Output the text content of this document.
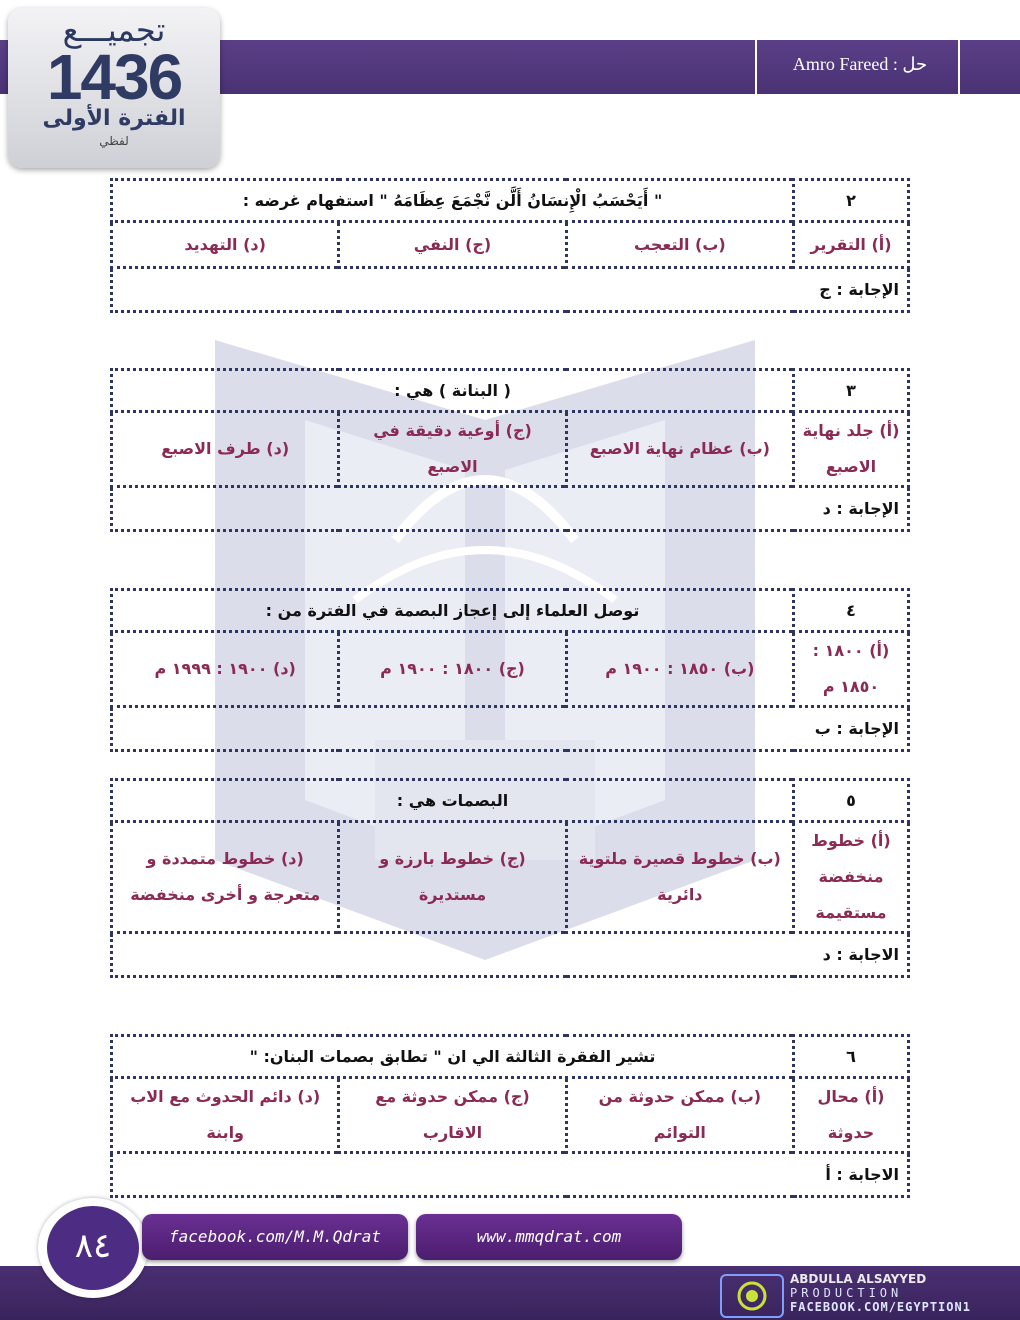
حل : Amro Fareed
تجميـــع
1436
الفترة الأولى
لفظي
٢	" أَيَحْسَبُ الْإِنسَانُ أَلَّن نَّجْمَعَ عِظَامَهُ " استفهام غرضه :		
(أ) التقرير	(ب) التعجب	(ج) النفي	(د) التهديد
الإجابة : ج			
٣	( البنانة ) هي :		
(أ) جلد نهاية الاصبع	(ب) عظام نهاية الاصبع	(ج) أوعية دقيقة في الاصبع	(د) طرف الاصبع
الإجابة : د			
٤	توصل العلماء إلى إعجاز البصمة في الفترة من :		
(أ) ١٨٠٠ : ١٨٥٠ م	(ب) ١٨٥٠ : ١٩٠٠ م	(ج) ١٨٠٠ : ١٩٠٠ م	(د) ١٩٠٠ : ١٩٩٩ م
الإجابة : ب			
٥	البصمات هي :		
(أ) خطوط منخفضة مستقيمة	(ب) خطوط قصيرة ملتوية دائرية	(ج) خطوط بارزة و مستديرة	(د) خطوط متمددة و متعرجة و أخرى منخفضة
الاجابة : د			
٦	تشير الفقرة الثالثة الي ان " تطابق بصمات البنان: "		
(أ) محال حدوثة	(ب) ممكن حدوثة من التوائم	(ج) ممكن حدوثة مع الاقارب	(د) دائم الحدوث مع الاب وابنة
الاجابة : أ			
٨٤	facebook.com/M.M.Qdrat	www.mmqdrat.com
ABDULLA ALSAYYED
PRODUCTION
FACEBOOK.COM/EGYPTION1
